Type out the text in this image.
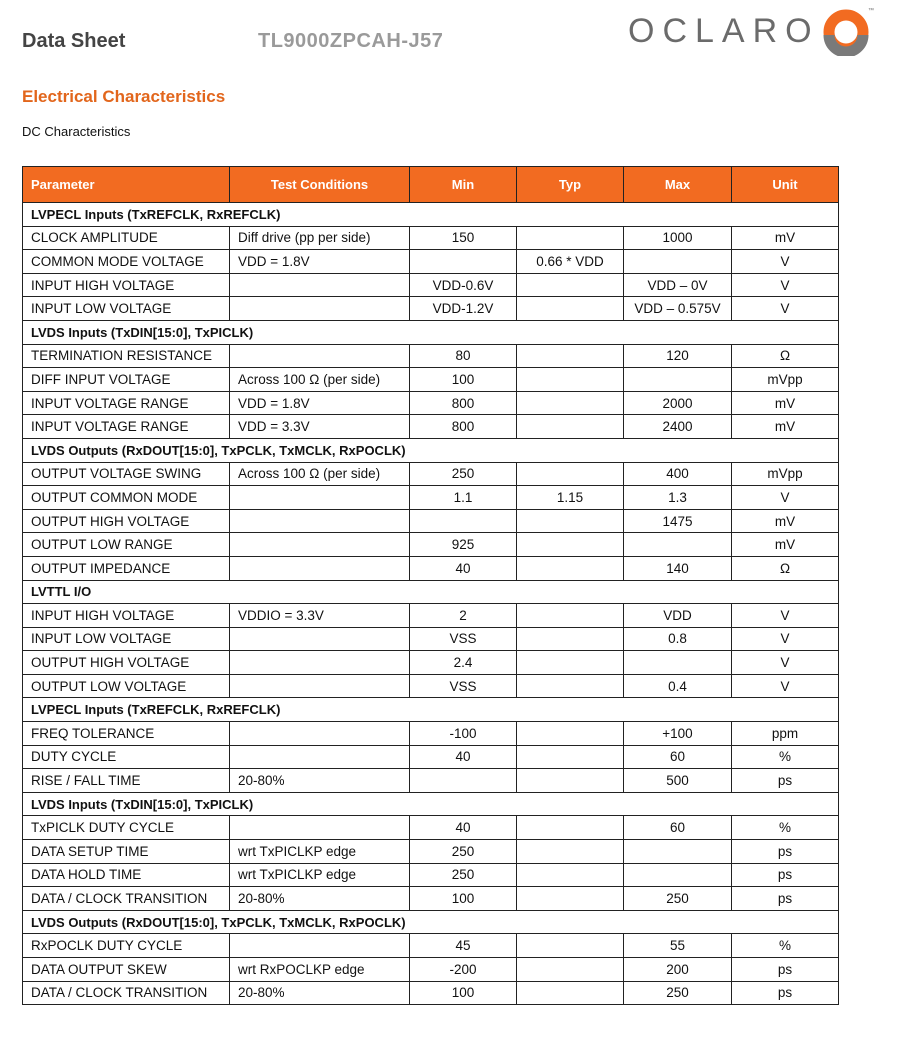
Data Sheet	TL9000ZPCAH-J57	OCLARO
™
Electrical Characteristics
DC Characteristics
Parameter	Test Conditions	Min	Typ	Max	Unit
LVPECL Inputs (TxREFCLK, RxREFCLK)					
CLOCK AMPLITUDE	Diff drive (pp per side)	150		1000	mV
COMMON MODE VOLTAGE	VDD = 1.8V		0.66 * VDD		V
INPUT HIGH VOLTAGE		VDD-0.6V		VDD – 0V	V
INPUT LOW VOLTAGE		VDD-1.2V		VDD – 0.575V	V
LVDS Inputs (TxDIN[15:0], TxPICLK)					
TERMINATION RESISTANCE		80		120	Ω
DIFF INPUT VOLTAGE	Across 100 Ω (per side)	100			mVpp
INPUT VOLTAGE RANGE	VDD = 1.8V	800		2000	mV
INPUT VOLTAGE RANGE	VDD = 3.3V	800		2400	mV
LVDS Outputs (RxDOUT[15:0], TxPCLK, TxMCLK, RxPOCLK)					
OUTPUT VOLTAGE SWING	Across 100 Ω (per side)	250		400	mVpp
OUTPUT COMMON MODE		1.1	1.15	1.3	V
OUTPUT HIGH VOLTAGE				1475	mV
OUTPUT LOW RANGE		925			mV
OUTPUT IMPEDANCE		40		140	Ω
LVTTL I/O					
INPUT HIGH VOLTAGE	VDDIO = 3.3V	2		VDD	V
INPUT LOW VOLTAGE		VSS		0.8	V
OUTPUT HIGH VOLTAGE		2.4			V
OUTPUT LOW VOLTAGE		VSS		0.4	V
LVPECL Inputs (TxREFCLK, RxREFCLK)					
FREQ TOLERANCE		-100		+100	ppm
DUTY CYCLE		40		60	%
RISE / FALL TIME	20-80%			500	ps
LVDS Inputs (TxDIN[15:0], TxPICLK)					
TxPICLK DUTY CYCLE		40		60	%
DATA SETUP TIME	wrt TxPICLKP edge	250			ps
DATA HOLD TIME	wrt TxPICLKP edge	250			ps
DATA / CLOCK TRANSITION	20-80%	100		250	ps
LVDS Outputs (RxDOUT[15:0], TxPCLK, TxMCLK, RxPOCLK)					
RxPOCLK DUTY CYCLE		45		55	%
DATA OUTPUT SKEW	wrt RxPOCLKP edge	-200		200	ps
DATA / CLOCK TRANSITION	20-80%	100		250	ps
